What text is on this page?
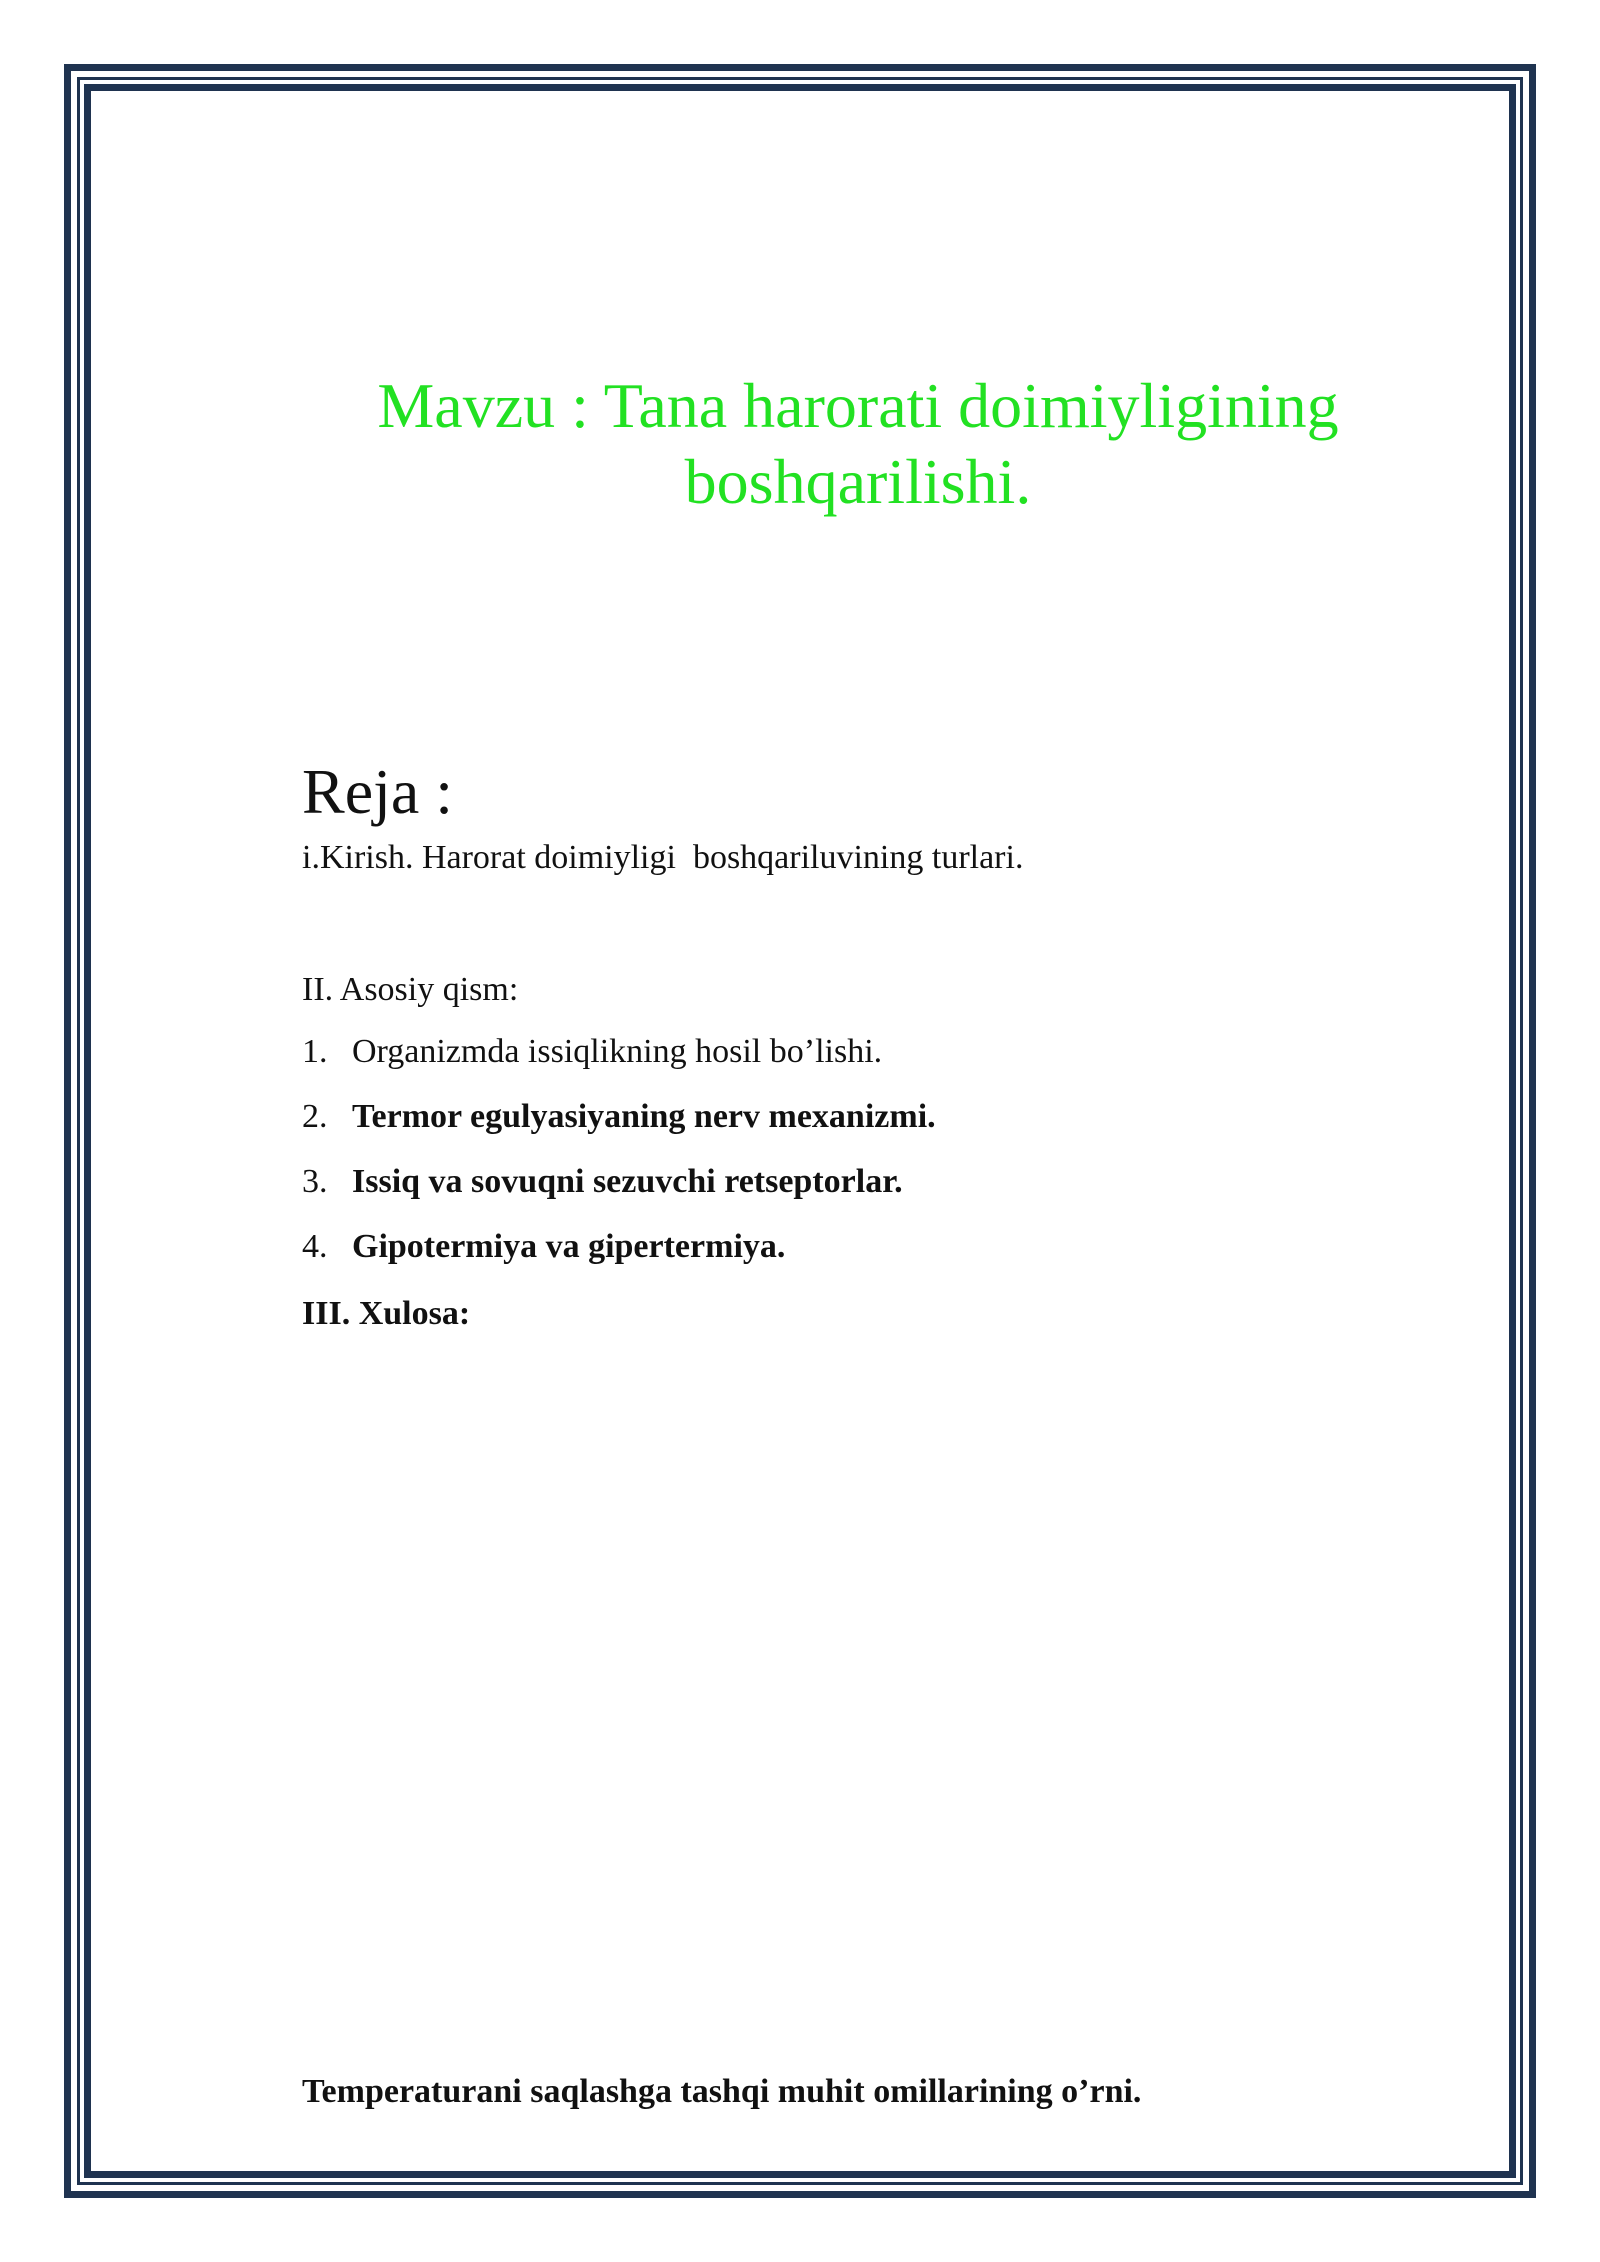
Mavzu : Tana harorati doimiyligining
boshqarilishi.
Reja :
i.Kirish. Harorat doimiyligi  boshqariluvining turlari.
II. Asosiy qism:
1. Organizmda issiqlikning hosil bo’lishi.
2. Termor egulyasiyaning nerv mexanizmi.
3. Issiq va sovuqni sezuvchi retseptorlar.
4. Gipotermiya va gipertermiya.
III. Xulosa:
Temperaturani saqlashga tashqi muhit omillarining o’rni.
